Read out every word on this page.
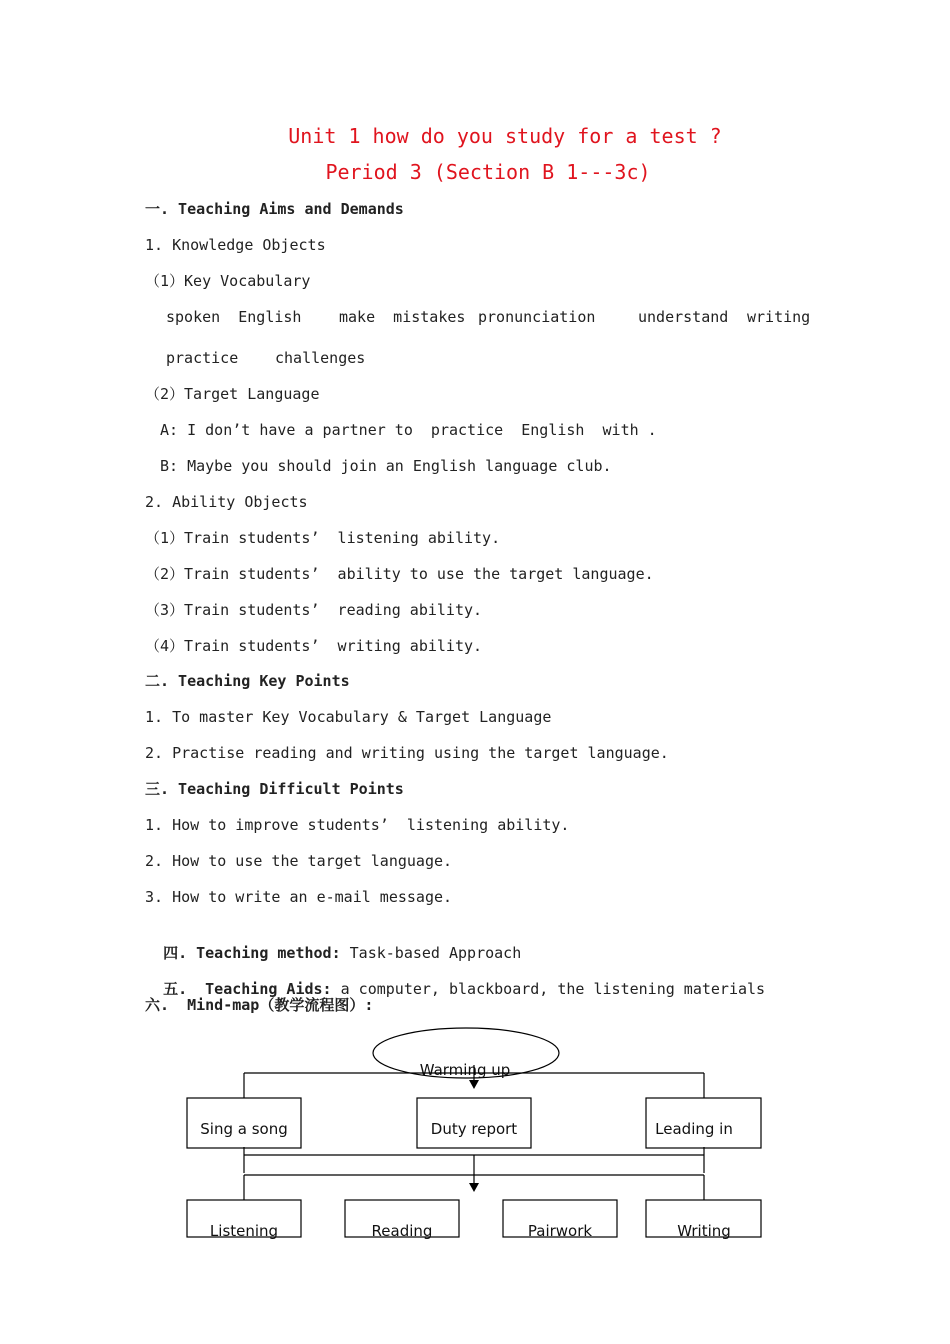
Unit 1 how do you study for a test ?
Period 3 (Section B 1---3c)
一. Teaching Aims and Demands
1. Knowledge Objects
（1）Key Vocabulary
spoken  English	make  mistakes pronunciation	understand writing
practice challenges
（2）Target Language
A: I don’t have a partner to  practice  English  with .
B: Maybe you should join an English language club.
2. Ability Objects
（1）Train students’  listening ability.
（2）Train students’  ability to use the target language.
（3）Train students’  reading ability.
（4）Train students’  writing ability.
二. Teaching Key Points
1. To master Key Vocabulary & Target Language
2. Practise reading and writing using the target language.
三. Teaching Difficult Points
1. How to improve students’  listening ability.
2. How to use the target language.
3. How to write an e-mail message.

四. Teaching method: Task-based Approach

五.  Teaching Aids: a computer, blackboard, the listening materials

六.  Mind-map（教学流程图）:
Warming up
Sing a song	Duty report	Leading in
Listening	Reading	Pairwork	Writing
